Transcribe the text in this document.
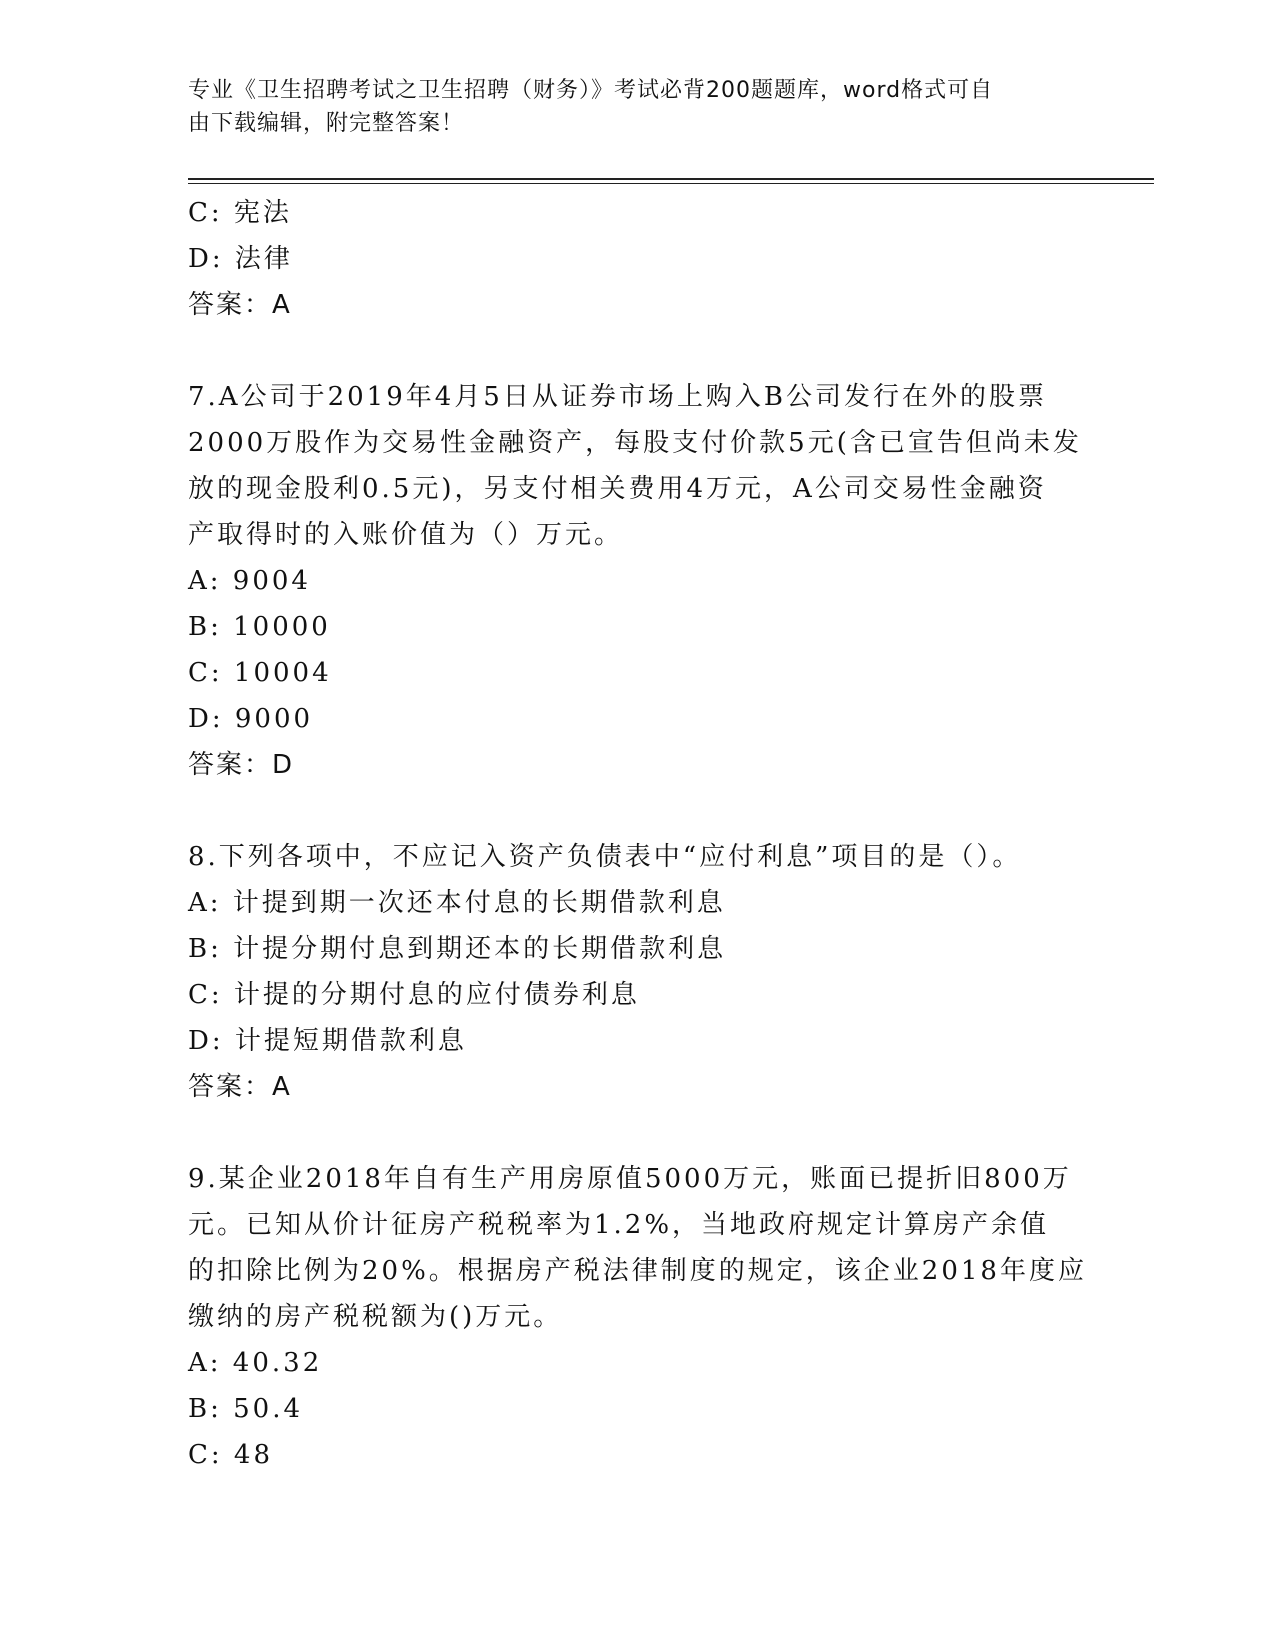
专业《卫生招聘考试之卫生招聘（财务）》考试必背200题题库，word格式可自
由下载编辑，附完整答案！
C: 宪法
D: 法律
答案：A
7.A公司于2019年4月5日从证券市场上购入B公司发行在外的股票
2000万股作为交易性金融资产，每股支付价款5元(含已宣告但尚未发
放的现金股利0.5元)，另支付相关费用4万元，A公司交易性金融资
产取得时的入账价值为（）万元。
A: 9004
B: 10000
C: 10004
D: 9000
答案：D
8.下列各项中，不应记入资产负债表中“应付利息”项目的是（）。
A: 计提到期一次还本付息的长期借款利息
B: 计提分期付息到期还本的长期借款利息
C: 计提的分期付息的应付债券利息
D: 计提短期借款利息
答案：A
9.某企业2018年自有生产用房原值5000万元，账面已提折旧800万
元。已知从价计征房产税税率为1.2%，当地政府规定计算房产余值
的扣除比例为20%。根据房产税法律制度的规定，该企业2018年度应
缴纳的房产税税额为()万元。
A: 40.32
B: 50.4
C: 48
